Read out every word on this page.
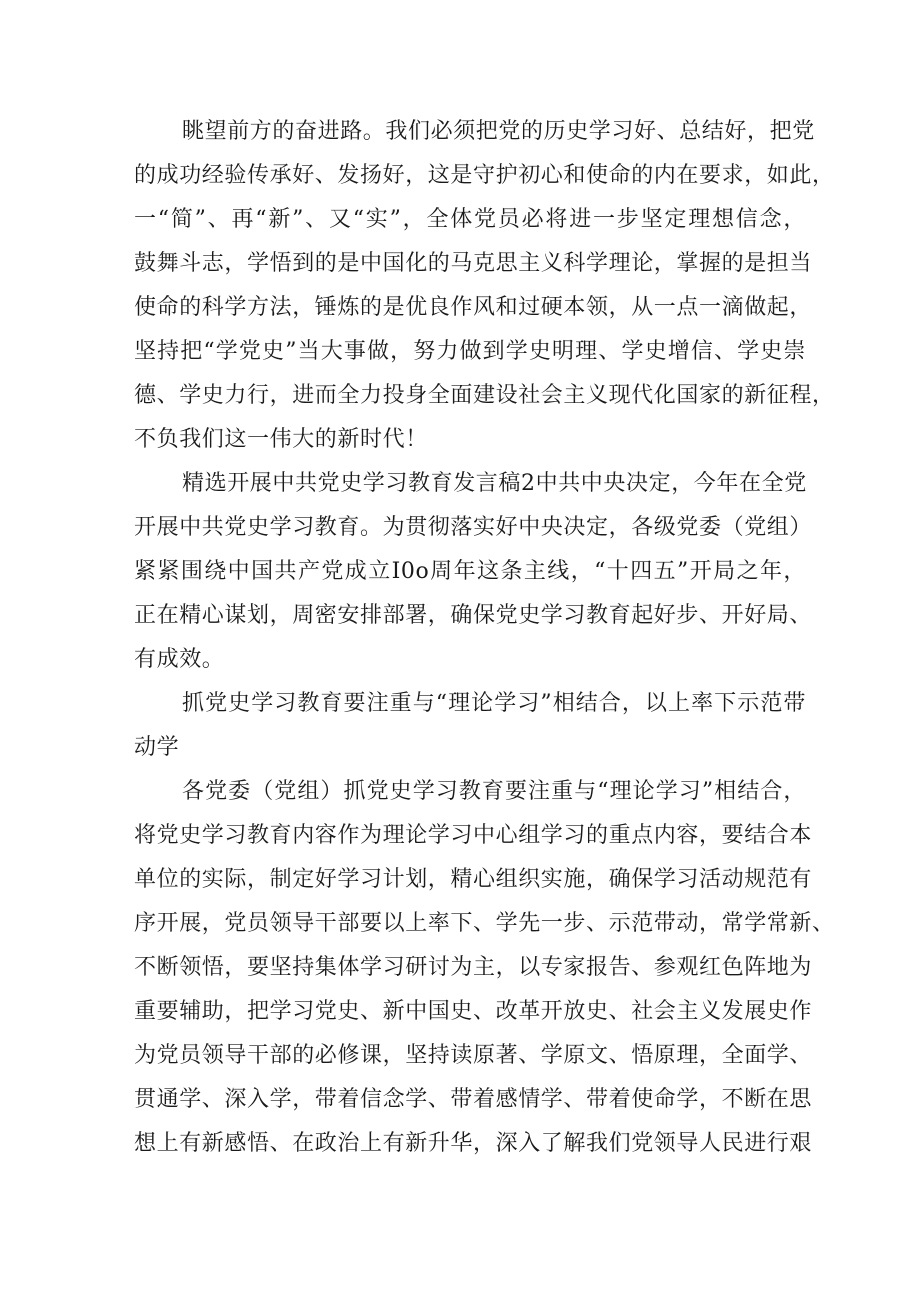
眺望前方的奋进路。我们必须把党的历史学习好、总结好，把党
的成功经验传承好、发扬好，这是守护初心和使命的内在要求，如此，
一“简”、再“新”、又“实”，全体党员必将进一步坚定理想信念，
鼓舞斗志，学悟到的是中国化的马克思主义科学理论，掌握的是担当
使命的科学方法，锤炼的是优良作风和过硬本领，从一点一滴做起，
坚持把“学党史”当大事做，努力做到学史明理、学史增信、学史崇
德、学史力行，进而全力投身全面建设社会主义现代化国家的新征程，
不负我们这一伟大的新时代！
精选开展中共党史学习教育发言稿2中共中央决定，今年在全党
开展中共党史学习教育。为贯彻落实好中央决定，各级党委（党组）
紧紧围绕中国共产党成立I0o周年这条主线，“十四五”开局之年，
正在精心谋划，周密安排部署，确保党史学习教育起好步、开好局、
有成效。
抓党史学习教育要注重与“理论学习”相结合，以上率下示范带
动学
各党委（党组）抓党史学习教育要注重与“理论学习”相结合，
将党史学习教育内容作为理论学习中心组学习的重点内容，要结合本
单位的实际，制定好学习计划，精心组织实施，确保学习活动规范有
序开展，党员领导干部要以上率下、学先一步、示范带动，常学常新、
不断领悟，要坚持集体学习研讨为主，以专家报告、参观红色阵地为
重要辅助，把学习党史、新中国史、改革开放史、社会主义发展史作
为党员领导干部的必修课，坚持读原著、学原文、悟原理，全面学、
贯通学、深入学，带着信念学、带着感情学、带着使命学，不断在思
想上有新感悟、在政治上有新升华，深入了解我们党领导人民进行艰
